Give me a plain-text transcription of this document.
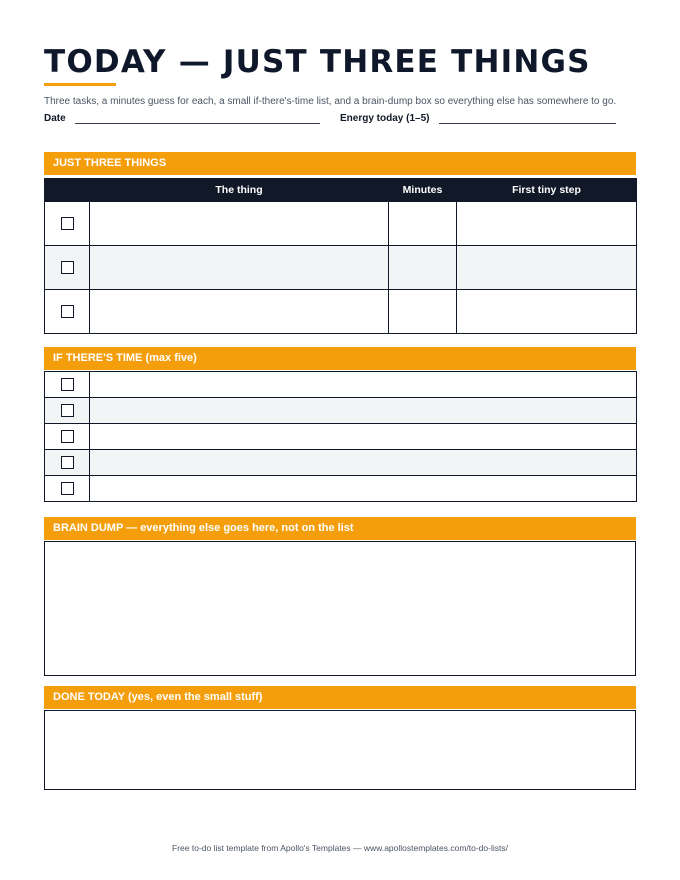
TODAY — JUST THREE THINGS
Three tasks, a minutes guess for each, a small if-there's-time list, and a brain-dump box so everything else has somewhere to go.
Date	Energy today (1–5)
JUST THREE THINGS
	The thing	Minutes	First tiny step

IF THERE'S TIME (max five)

BRAIN DUMP — everything else goes here, not on the list
DONE TODAY (yes, even the small stuff)
Free to-do list template from Apollo's Templates — www.apollostemplates.com/to-do-lists/
